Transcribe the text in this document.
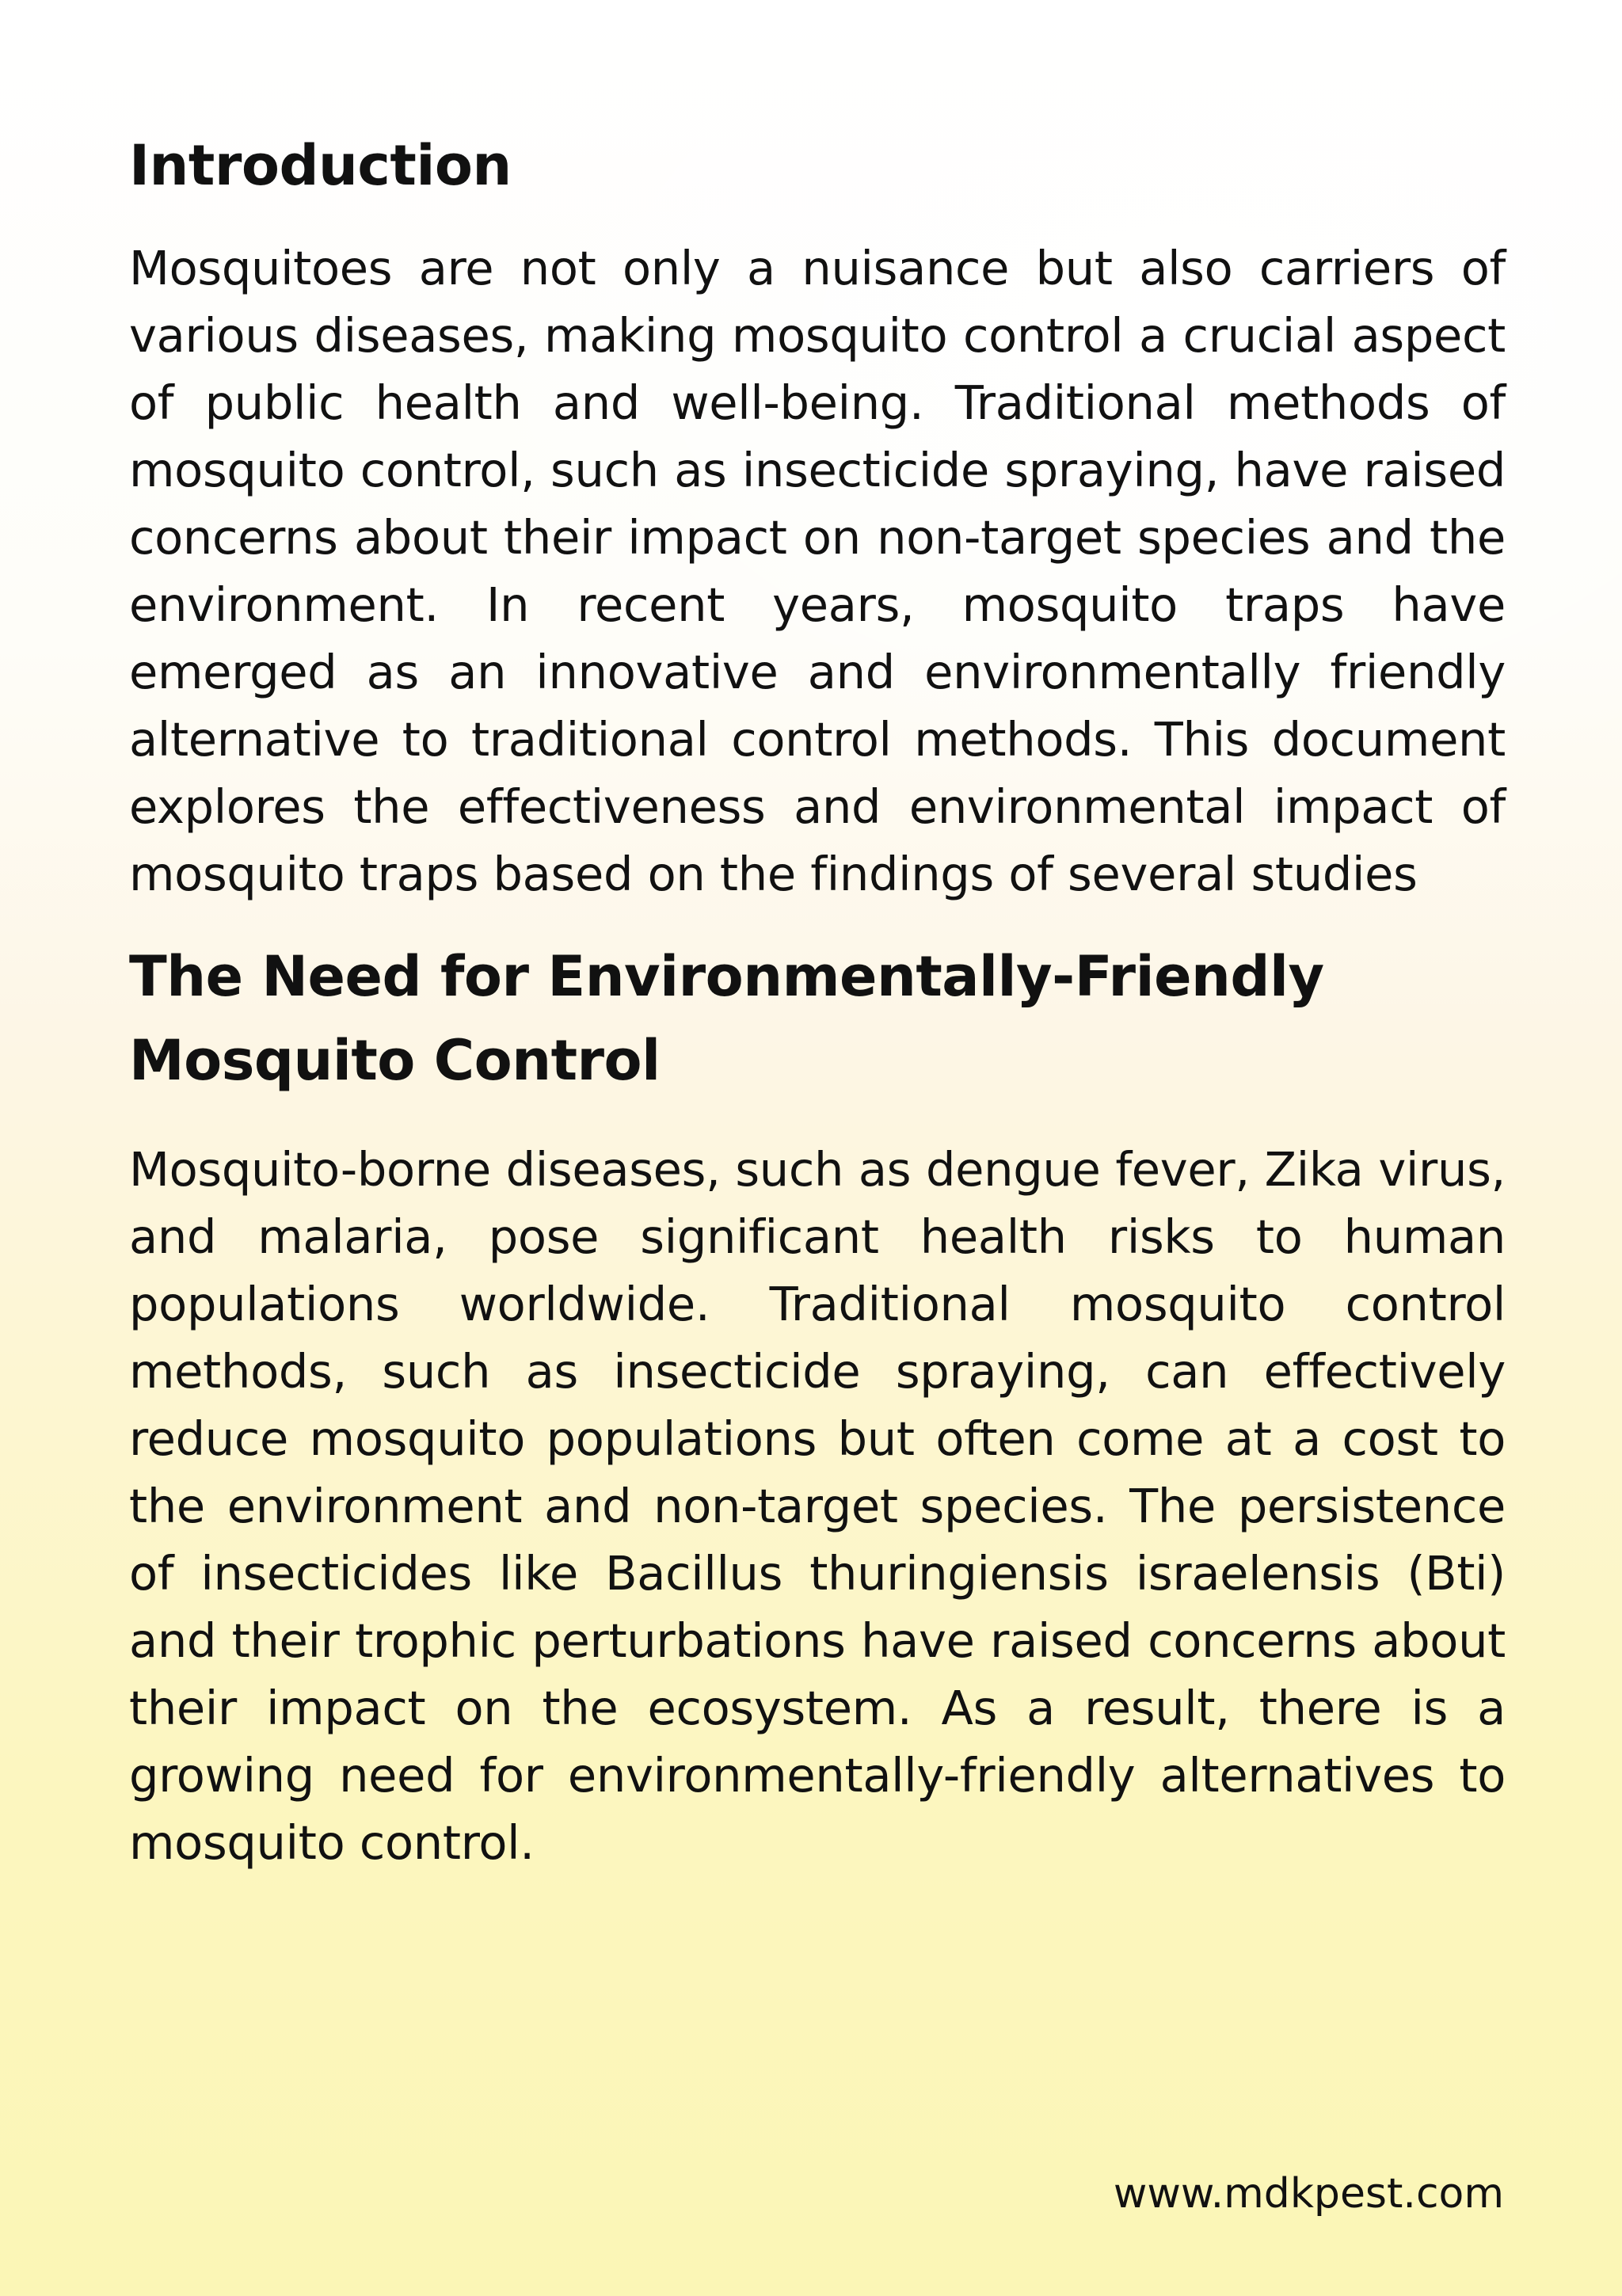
Introduction

Mosquitoes are not only a nuisance but also carriers of various diseases, making mosquito control a crucial aspect of public health and well-being. Traditional methods of mosquito control, such as insecticide spraying, have raised concerns about their impact on non-target species and the environment. In recent years, mosquito traps have emerged as an innovative and environmentally friendly alternative to traditional control methods. This document explores the effectiveness and environmental impact of mosquito traps based on the findings of several studies

The Need for Environmentally-Friendly Mosquito Control

Mosquito-borne diseases, such as dengue fever, Zika virus, and malaria, pose significant health risks to human populations worldwide. Traditional mosquito control methods, such as insecticide spraying, can effectively reduce mosquito populations but often come at a cost to the environment and non-target species. The persistence of insecticides like Bacillus thuringiensis israelensis (Bti) and their trophic perturbations have raised concerns about their impact on the ecosystem. As a result, there is a growing need for environmentally-friendly alternatives to mosquito control.

www.mdkpest.com
